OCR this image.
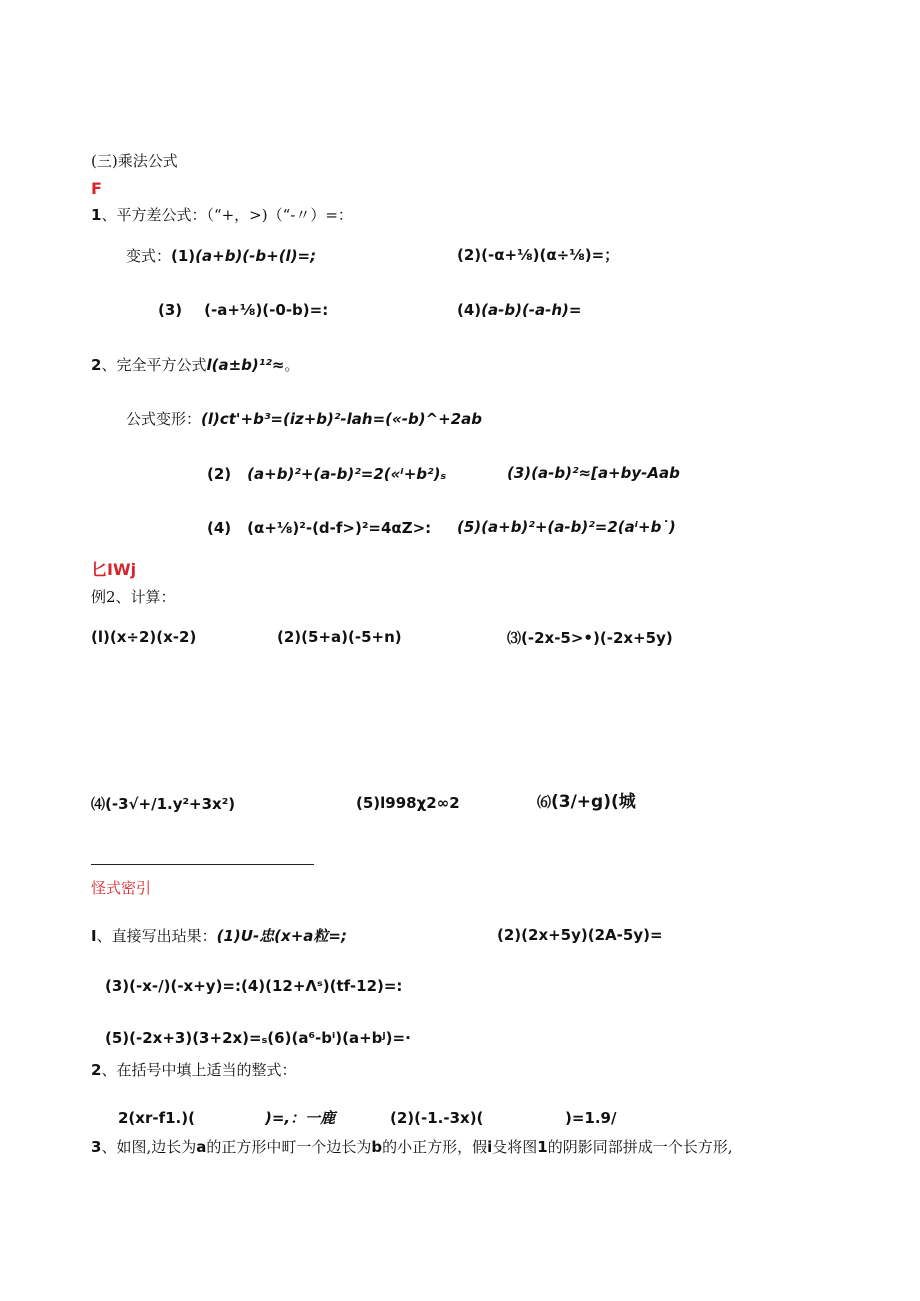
(三)乘法公式
F
1、平方差公式：（“+，>)（“-〃）=：
变式：(1)(a+b)(-b+(l)=;	(2)(-α+⅛)(α÷⅛)=；
(3) (-a+⅛)(-0-b)=:	(4)(a-b)(-a-h)=
2、完全平方公式l(a±b)¹²≈。
公式变形：(l)ct'+b³=(iz+b)²-lah=(«-b)^+2ab
(2) (a+b)²+(a-b)²=2(«ⁱ+b²)ₛ	(3)(a-b)²≈[a+by-Aab
(4) (α+⅛)²-(d-f>)²=4αZ>: (5)(a+b)²+(a-b)²=2(aⁱ+b˙)
匕IWj
例2、计算：
(l)(x÷2)(x-2)	(2)(5+a)(-5+n)	⑶(-2x-5>•)(-2x+5y)
⑷(-3√+/1.y²+3x²)	(5)l998χ2∞2	⑹(3/+g)(城
怪式密引
I、直接写出玷果：(1)U-忠(x+a粒=;	(2)(2x+5y)(2A-5y)=
(3)(-x-/)(-x+y)=:(4)(12+Λˢ)(tf-12)=:
(5)(-2x+3)(3+2x)=ₛ(6)(a⁶-bⁱ)(a+bʲ)=·
2、在括号中填上适当的整式：
2(xr-f1.)(	)=,：一鹿	(2)(-1.-3x)(	)=1.9/
3、如图,边长为a的正方形中町一个边长为b的小正方形，假i殳将图1的阴影同部拼成一个长方形,
